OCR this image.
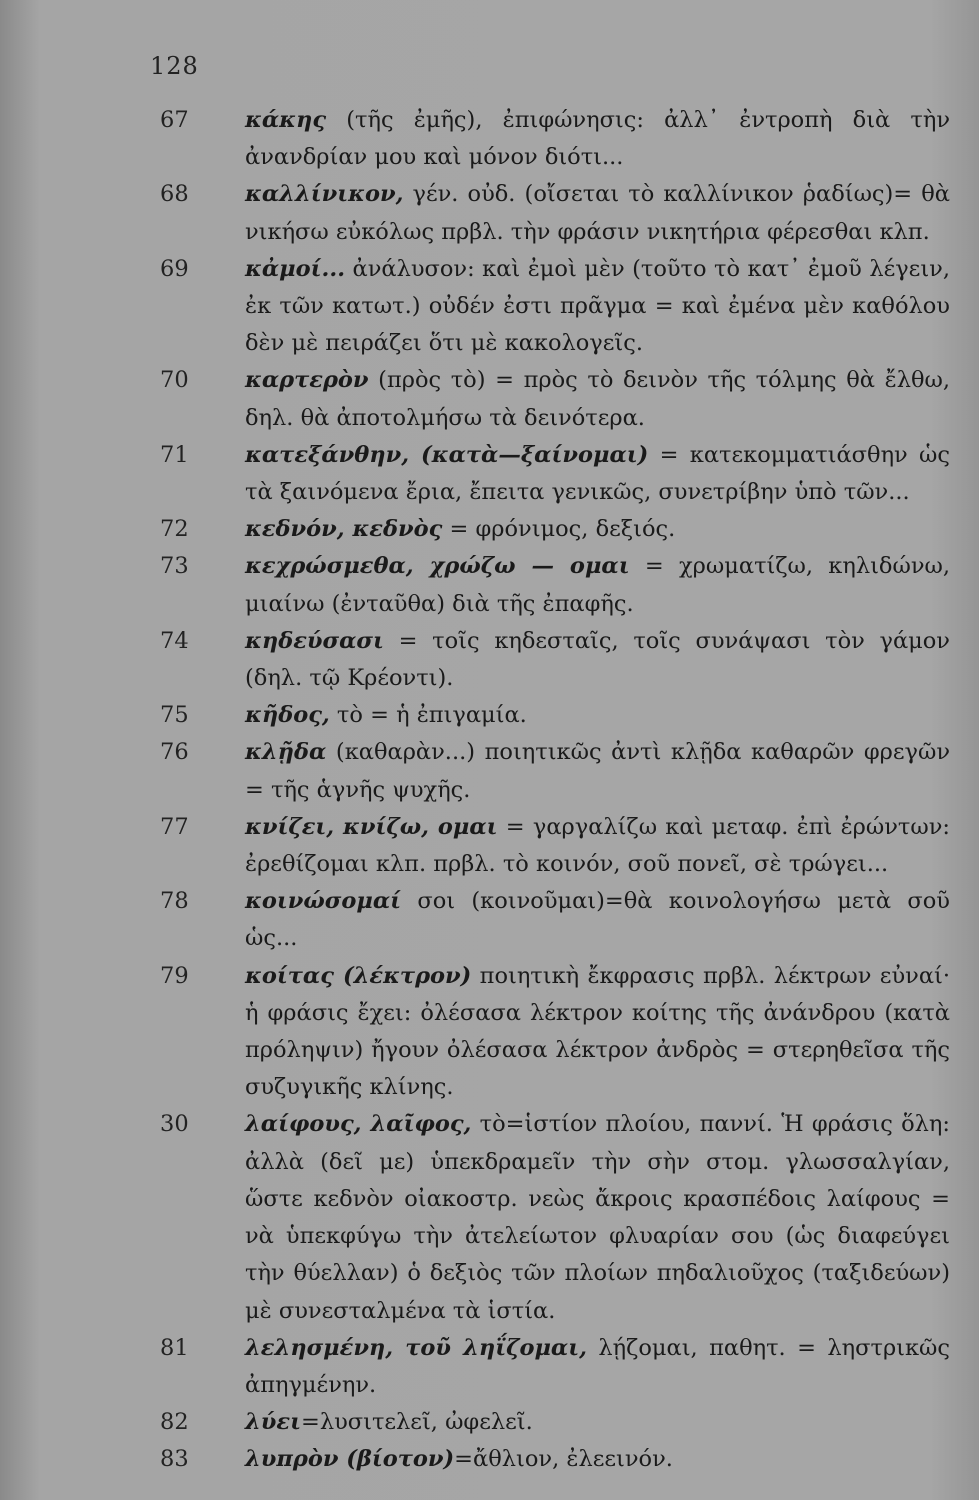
128
67	κάκης (τῆς ἐμῆς), ἐπιφώνησις: ἀλλ᾽ ἐντροπὴ διὰ τὴν ἀνανδρίαν μου καὶ μόνον διότι...
68	καλλίνικον, γέν. οὐδ. (οἴσεται τὸ καλλίνικον ῥαδίως)= θὰ νικήσω εὐκόλως πρβλ. τὴν φράσιν νικητήρια φέρεσθαι κλπ.
69	κἀμοί... ἀνάλυσον: καὶ ἐμοὶ μὲν (τοῦτο τὸ κατ᾽ ἐμοῦ λέγειν, ἐκ τῶν κατωτ.) οὐδέν ἐστι πρᾶγμα = καὶ ἐμένα μὲν καθόλου δὲν μὲ πειράζει ὅτι μὲ κακολογεῖς.
70	καρτερὸν (πρὸς τὸ) = πρὸς τὸ δεινὸν τῆς τόλμης θὰ ἔλθω, δηλ. θὰ ἀποτολμήσω τὰ δεινότερα.
71	κατεξάνθην, (κατὰ—ξαίνομαι) = κατεκομματιάσθην ὡς τὰ ξαινόμενα ἔρια, ἔπειτα γενικῶς, συνετρίβην ὑπὸ τῶν...
72	κεδνόν, κεδνὸς = φρόνιμος, δεξιός.
73	κεχρώσμεθα, χρώζω — ομαι = χρωματίζω, κηλιδώνω, μιαίνω (ἐνταῦθα) διὰ τῆς ἐπαφῆς.
74	κηδεύσασι = τοῖς κηδεσταῖς, τοῖς συνάψασι τὸν γάμον (δηλ. τῷ Κρέοντι).
75	κῆδος, τὸ = ἡ ἐπιγαμία.
76	κλῇδα (καθαρὰν...) ποιητικῶς ἀντὶ κλῇδα καθαρῶν φρεγῶν = τῆς ἁγνῆς ψυχῆς.
77	κνίζει, κνίζω, ομαι = γαργαλίζω καὶ μεταφ. ἐπὶ ἐρώντων: ἐρεθίζομαι κλπ. πρβλ. τὸ κοινόν, σοῦ πονεῖ, σὲ τρώγει...
78	κοινώσομαί σοι (κοινοῦμαι)=θὰ κοινολογήσω μετὰ σοῦ ὡς...
79	κοίτας (λέκτρον) ποιητικὴ ἔκφρασις πρβλ. λέκτρων εὐναί· ἡ φράσις ἔχει: ὀλέσασα λέκτρον κοίτης τῆς ἀνάνδρου (κατὰ πρόληψιν) ἤγουν ὀλέσασα λέκτρον ἀνδρὸς = στερηθεῖσα τῆς συζυγικῆς κλίνης.
30	λαίφους, λαῖφος, τὸ=ἱστίον πλοίου, παννί. Ἡ φράσις ὅλη: ἀλλὰ (δεῖ με) ὑπεκδραμεῖν τὴν σὴν στομ. γλωσσαλγίαν, ὥστε κεδνὸν οἰακοστρ. νεὼς ἄκροις κρασπέδοις λαίφους = νὰ ὑπεκφύγω τὴν ἀτελείωτον φλυαρίαν σου (ὡς διαφεύγει τὴν θύελλαν) ὁ δεξιὸς τῶν πλοίων πηδαλιοῦχος (ταξιδεύων) μὲ συνεσταλμένα τὰ ἱστία.
81	λελησμένη, τοῦ ληΐζομαι, λῄζομαι, παθητ. = ληστρικῶς ἀπηγμένην.
82	λύει=λυσιτελεῖ, ὠφελεῖ.
83	λυπρὸν (βίοτον)=ἄθλιον, ἐλεεινόν.
